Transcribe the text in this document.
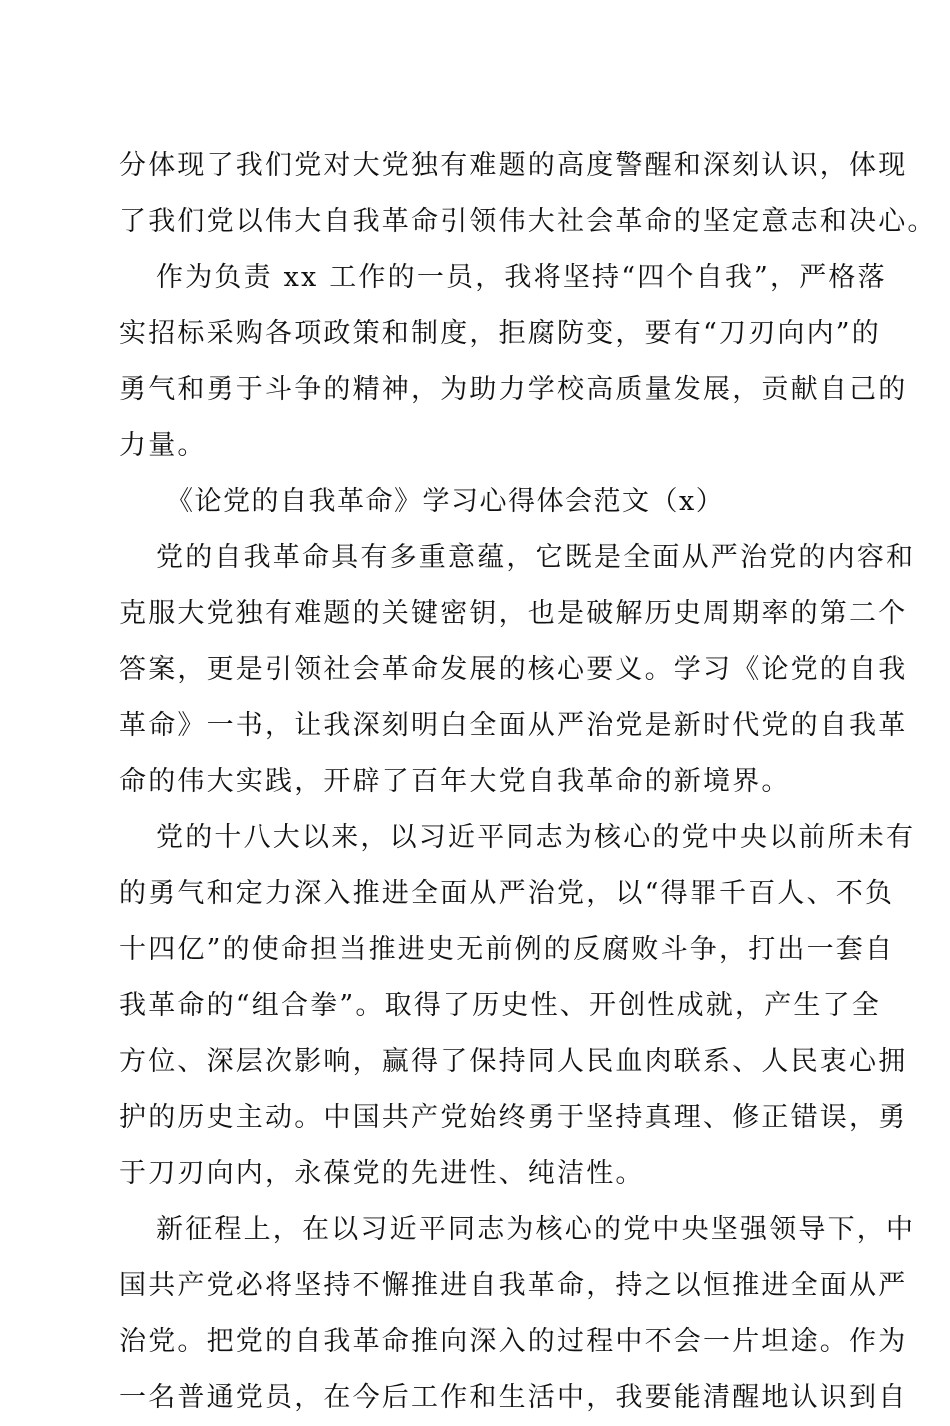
分体现了我们党对大党独有难题的高度警醒和深刻认识，体现
了我们党以伟大自我革命引领伟大社会革命的坚定意志和决心。
作为负责 xx 工作的一员，我将坚持“四个自我”，严格落
实招标采购各项政策和制度，拒腐防变，要有“刀刃向内”的
勇气和勇于斗争的精神，为助力学校高质量发展，贡献自己的
力量。
《论党的自我革命》学习心得体会范文（x）
党的自我革命具有多重意蕴，它既是全面从严治党的内容和
克服大党独有难题的关键密钥，也是破解历史周期率的第二个
答案，更是引领社会革命发展的核心要义。学习《论党的自我
革命》一书，让我深刻明白全面从严治党是新时代党的自我革
命的伟大实践，开辟了百年大党自我革命的新境界。
党的十八大以来，以习近平同志为核心的党中央以前所未有
的勇气和定力深入推进全面从严治党，以“得罪千百人、不负
十四亿”的使命担当推进史无前例的反腐败斗争，打出一套自
我革命的“组合拳”。取得了历史性、开创性成就，产生了全
方位、深层次影响，赢得了保持同人民血肉联系、人民衷心拥
护的历史主动。中国共产党始终勇于坚持真理、修正错误，勇
于刀刃向内，永葆党的先进性、纯洁性。
新征程上，在以习近平同志为核心的党中央坚强领导下，中
国共产党必将坚持不懈推进自我革命，持之以恒推进全面从严
治党。把党的自我革命推向深入的过程中不会一片坦途。作为
一名普通党员，在今后工作和生活中，我要能清醒地认识到自
